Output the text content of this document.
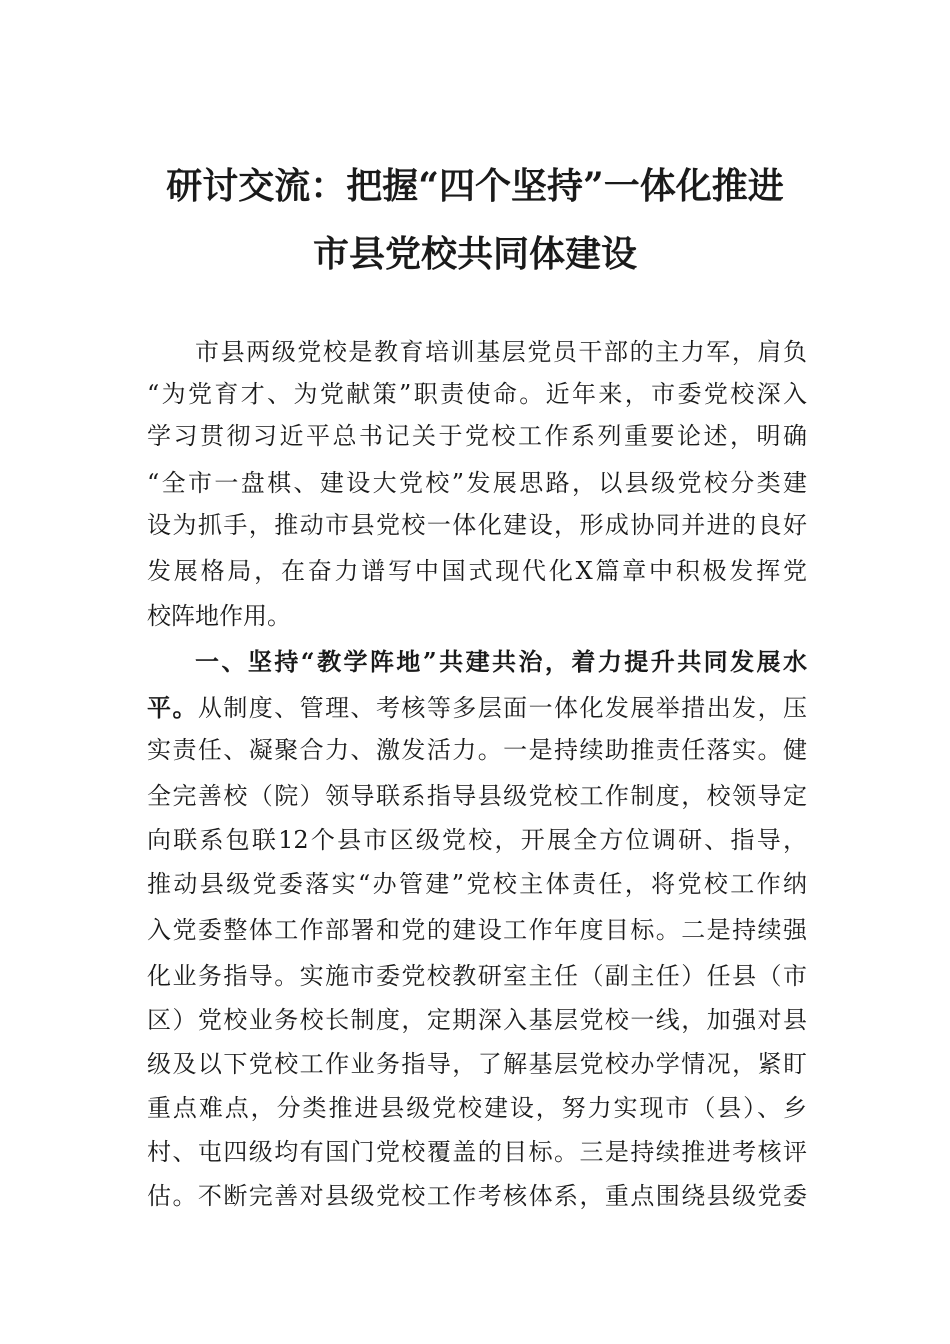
研讨交流：把握“四个坚持”一体化推进
市县党校共同体建设
市县两级党校是教育培训基层党员干部的主力军，肩负
“为党育才、为党献策”职责使命。近年来，市委党校深入
学习贯彻习近平总书记关于党校工作系列重要论述，明确
“全市一盘棋、建设大党校”发展思路，以县级党校分类建
设为抓手，推动市县党校一体化建设，形成协同并进的良好
发展格局，在奋力谱写中国式现代化X篇章中积极发挥党
校阵地作用。
一、坚持“教学阵地”共建共治，着力提升共同发展水
平。从制度、管理、考核等多层面一体化发展举措出发，压
实责任、凝聚合力、激发活力。一是持续助推责任落实。健
全完善校（院）领导联系指导县级党校工作制度，校领导定
向联系包联12个县市区级党校，开展全方位调研、指导，
推动县级党委落实“办管建”党校主体责任，将党校工作纳
入党委整体工作部署和党的建设工作年度目标。二是持续强
化业务指导。实施市委党校教研室主任（副主任）任县（市
区）党校业务校长制度，定期深入基层党校一线，加强对县
级及以下党校工作业务指导，了解基层党校办学情况，紧盯
重点难点，分类推进县级党校建设，努力实现市（县）、乡
村、屯四级均有国门党校覆盖的目标。三是持续推进考核评
估。不断完善对县级党校工作考核体系，重点围绕县级党委
